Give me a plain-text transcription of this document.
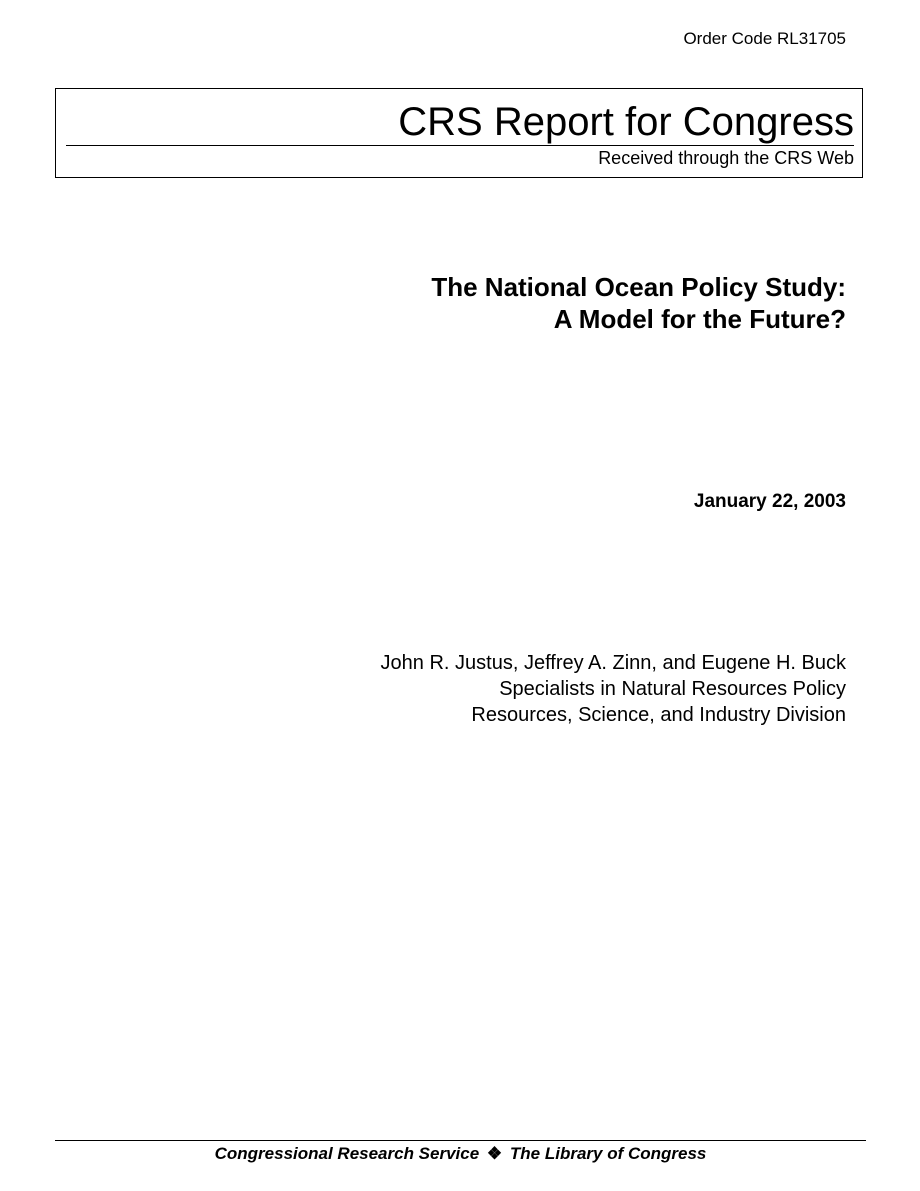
Order Code RL31705
CRS Report for Congress
Received through the CRS Web
The National Ocean Policy Study:
A Model for the Future?
January 22, 2003
John R. Justus, Jeffrey A. Zinn, and Eugene H. Buck
Specialists in Natural Resources Policy
Resources, Science, and Industry Division
Congressional Research Service ❖ The Library of Congress
